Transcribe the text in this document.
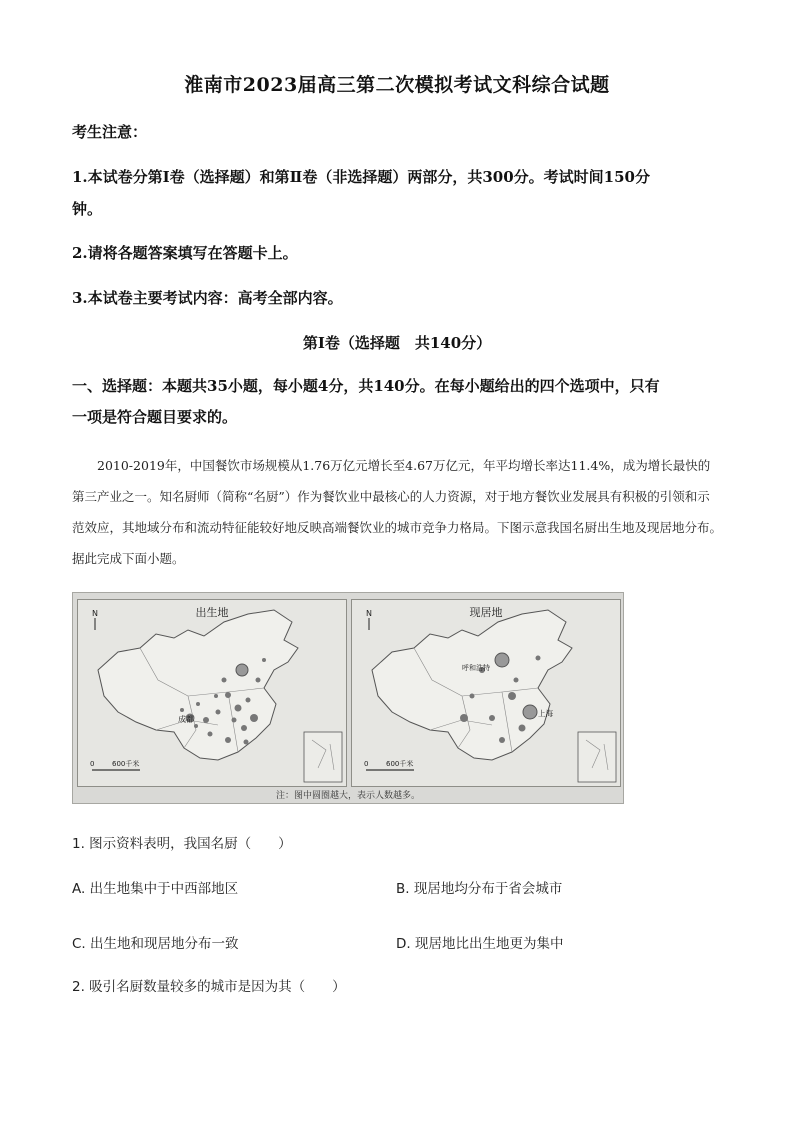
淮南市2023届高三第二次模拟考试文科综合试题
考生注意：
1.本试卷分第Ⅰ卷（选择题）和第Ⅱ卷（非选择题）两部分，共300分。考试时间150分
钟。
2.请将各题答案填写在答题卡上。
3.本试卷主要考试内容：高考全部内容。
第Ⅰ卷（选择题　共140分）
一、选择题：本题共35小题，每小题4分，共140分。在每小题给出的四个选项中，只有
一项是符合题目要求的。
2010-2019年，中国餐饮市场规模从1.76万亿元增长至4.67万亿元，年平均增长率达11.4%，成为增长最快的第三产业之一。知名厨师（简称“名厨”）作为餐饮业中最核心的人力资源，对于地方餐饮业发展具有积极的引领和示范效应，其地域分布和流动特征能较好地反映高端餐饮业的城市竞争力格局。下图示意我国名厨出生地及现居地分布。据此完成下面小题。
成都
0	600千米
N	出生地
呼和浩特
上海
0	600千米
N	现居地
注：图中圆圈越大，表示人数越多。
1. 图示资料表明，我国名厨（　　）
A. 出生地集中于中西部地区	B. 现居地均分布于省会城市
C. 出生地和现居地分布一致	D. 现居地比出生地更为集中
2. 吸引名厨数量较多的城市是因为其（　　）
